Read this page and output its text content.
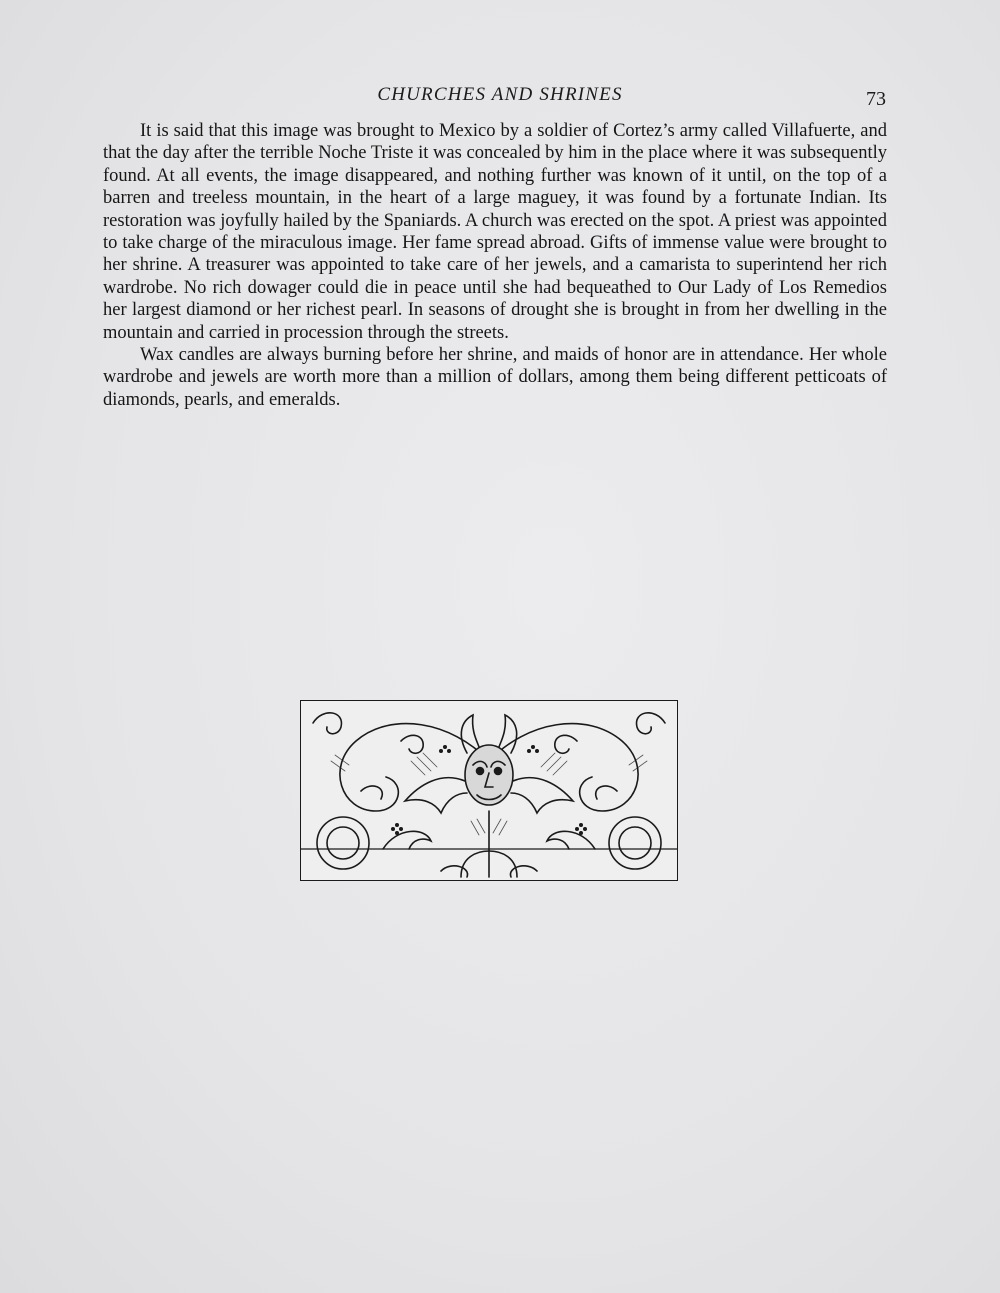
CHURCHES AND SHRINES	73

It is said that this image was brought to Mexico by a soldier of Cortez’s army called Villafuerte, and that the day after the terrible Noche Triste it was concealed by him in the place where it was subsequently found. At all events, the image disappeared, and nothing further was known of it until, on the top of a barren and treeless mountain, in the heart of a large maguey, it was found by a fortunate Indian. Its restoration was joyfully hailed by the Spaniards. A church was erected on the spot. A priest was appointed to take charge of the miraculous image. Her fame spread abroad. Gifts of immense value were brought to her shrine. A treasurer was appointed to take care of her jewels, and a camarista to superintend her rich wardrobe. No rich dowager could die in peace until she had bequeathed to Our Lady of Los Remedios her largest diamond or her richest pearl. In seasons of drought she is brought in from her dwelling in the mountain and carried in procession through the streets.

Wax candles are always burning before her shrine, and maids of honor are in attendance. Her whole wardrobe and jewels are worth more than a million of dollars, among them being different petticoats of diamonds, pearls, and emeralds.
